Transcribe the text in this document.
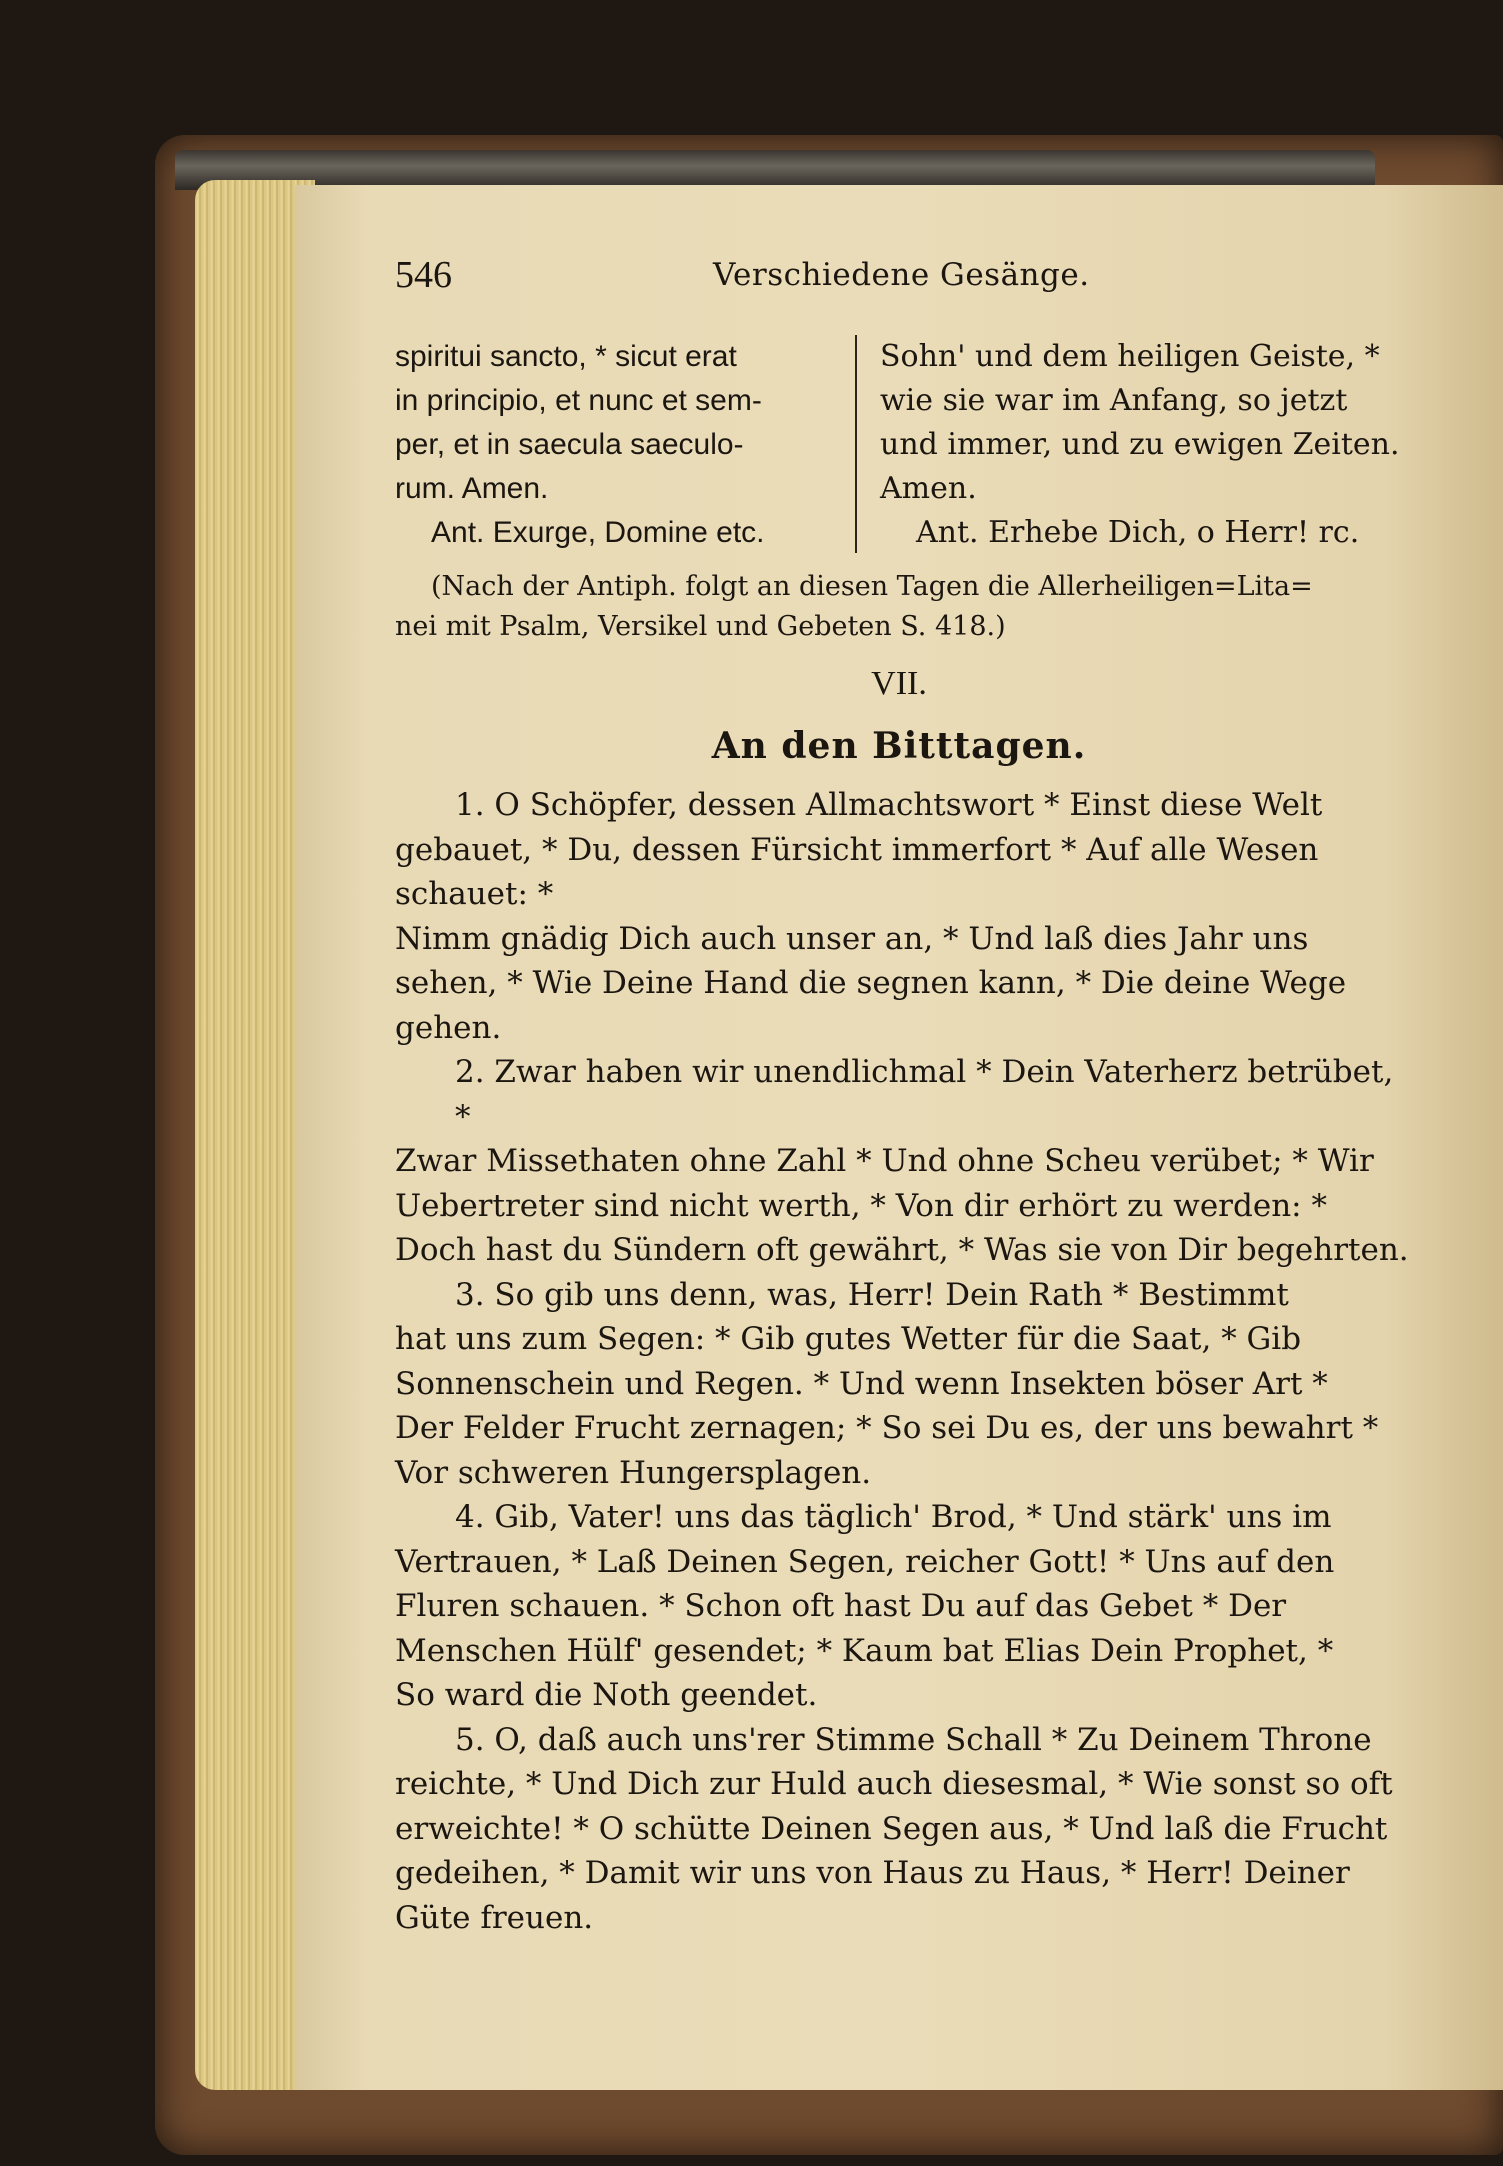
546	Verschiedene Gesänge.
spiritui sancto, * sicut erat
in principio, et nunc et sem-
per, et in saecula saeculo-
rum. Amen.
Ant. Exurge, Domine etc.
Sohn' und dem heiligen Geiste, *
wie sie war im Anfang, so jetzt
und immer, und zu ewigen Zeiten.
Amen.
Ant. Erhebe Dich, o Herr! rc.
(Nach der Antiph. folgt an diesen Tagen die Allerheiligen=Lita=
nei mit Psalm, Versikel und Gebeten S. 418.)
VII.
An den Bitttagen.
1. O Schöpfer, dessen Allmachtswort * Einst diese Welt
gebauet, * Du, dessen Fürsicht immerfort * Auf alle Wesen schauet: *
Nimm gnädig Dich auch unser an, * Und laß dies Jahr uns
sehen, * Wie Deine Hand die segnen kann, * Die deine Wege
gehen.
2. Zwar haben wir unendlichmal * Dein Vaterherz betrübet, *
Zwar Missethaten ohne Zahl * Und ohne Scheu verübet; * Wir
Uebertreter sind nicht werth, * Von dir erhört zu werden: *
Doch hast du Sündern oft gewährt, * Was sie von Dir begehrten.
3. So gib uns denn, was, Herr! Dein Rath * Bestimmt
hat uns zum Segen: * Gib gutes Wetter für die Saat, * Gib
Sonnenschein und Regen. * Und wenn Insekten böser Art *
Der Felder Frucht zernagen; * So sei Du es, der uns bewahrt *
Vor schweren Hungersplagen.
4. Gib, Vater! uns das täglich' Brod, * Und stärk' uns im
Vertrauen, * Laß Deinen Segen, reicher Gott! * Uns auf den
Fluren schauen. * Schon oft hast Du auf das Gebet * Der
Menschen Hülf' gesendet; * Kaum bat Elias Dein Prophet, *
So ward die Noth geendet.
5. O, daß auch uns'rer Stimme Schall * Zu Deinem Throne
reichte, * Und Dich zur Huld auch diesesmal, * Wie sonst so oft
erweichte! * O schütte Deinen Segen aus, * Und laß die Frucht
gedeihen, * Damit wir uns von Haus zu Haus, * Herr! Deiner
Güte freuen.
